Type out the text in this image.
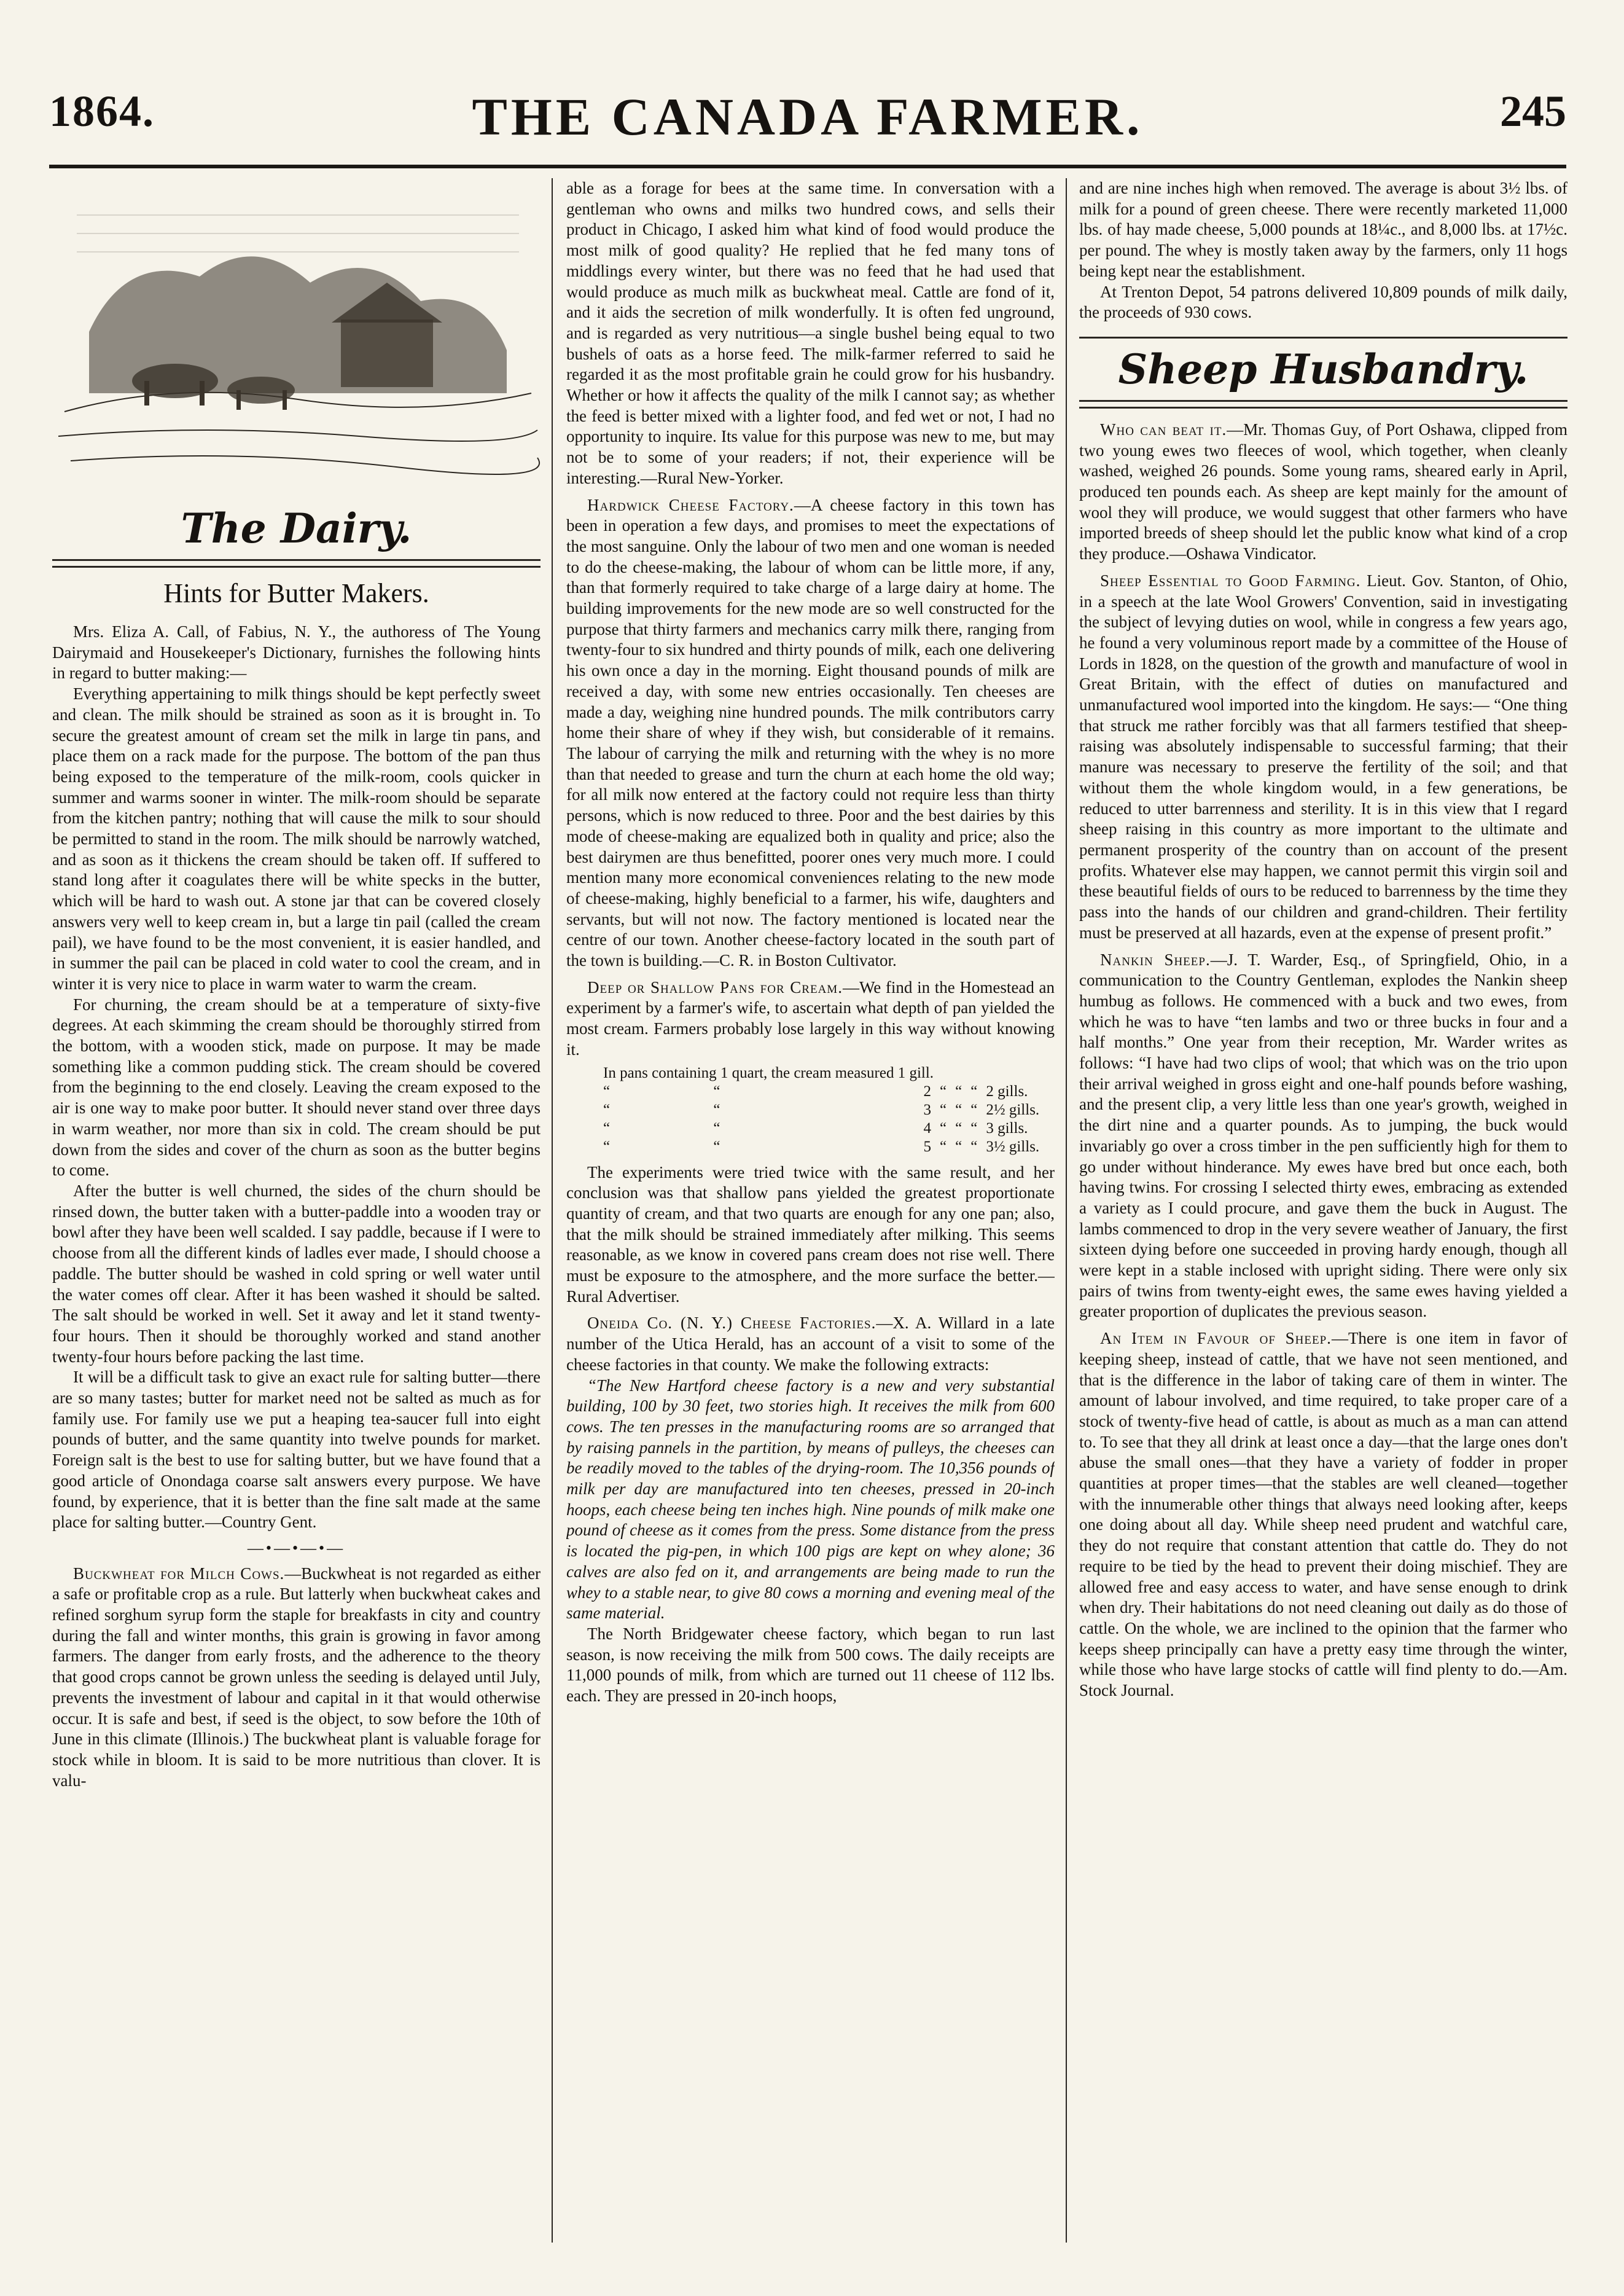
1864.	THE CANADA FARMER.	245
The Dairy.
Hints for Butter Makers.

Mrs. Eliza A. Call, of Fabius, N. Y., the authoress of The Young Dairymaid and Housekeeper's Dictionary, furnishes the following hints in regard to butter making:—

Everything appertaining to milk things should be kept perfectly sweet and clean. The milk should be strained as soon as it is brought in. To secure the greatest amount of cream set the milk in large tin pans, and place them on a rack made for the purpose. The bottom of the pan thus being exposed to the temperature of the milk-room, cools quicker in summer and warms sooner in winter. The milk-room should be separate from the kitchen pantry; nothing that will cause the milk to sour should be permitted to stand in the room. The milk should be narrowly watched, and as soon as it thickens the cream should be taken off. If suffered to stand long after it coagulates there will be white specks in the butter, which will be hard to wash out. A stone jar that can be covered closely answers very well to keep cream in, but a large tin pail (called the cream pail), we have found to be the most convenient, it is easier handled, and in summer the pail can be placed in cold water to cool the cream, and in winter it is very nice to place in warm water to warm the cream.

For churning, the cream should be at a temperature of sixty-five degrees. At each skimming the cream should be thoroughly stirred from the bottom, with a wooden stick, made on purpose. It may be made something like a common pudding stick. The cream should be covered from the beginning to the end closely. Leaving the cream exposed to the air is one way to make poor butter. It should never stand over three days in warm weather, nor more than six in cold. The cream should be put down from the sides and cover of the churn as soon as the butter begins to come.

After the butter is well churned, the sides of the churn should be rinsed down, the butter taken with a butter-paddle into a wooden tray or bowl after they have been well scalded. I say paddle, because if I were to choose from all the different kinds of ladles ever made, I should choose a paddle. The butter should be washed in cold spring or well water until the water comes off clear. After it has been washed it should be salted. The salt should be worked in well. Set it away and let it stand twenty-four hours. Then it should be thoroughly worked and stand another twenty-four hours before packing the last time.

It will be a difficult task to give an exact rule for salting butter—there are so many tastes; butter for market need not be salted as much as for family use. For family use we put a heaping tea-saucer full into eight pounds of butter, and the same quantity into twelve pounds for market. Foreign salt is the best to use for salting butter, but we have found that a good article of Onondaga coarse salt answers every purpose. We have found, by experience, that it is better than the fine salt made at the same place for salting butter.—Country Gent.

—•—•—•—

Buckwheat for Milch Cows.—Buckwheat is not regarded as either a safe or profitable crop as a rule. But latterly when buckwheat cakes and refined sorghum syrup form the staple for breakfasts in city and country during the fall and winter months, this grain is growing in favor among farmers. The danger from early frosts, and the adherence to the theory that good crops cannot be grown unless the seeding is delayed until July, prevents the investment of labour and capital in it that would otherwise occur. It is safe and best, if seed is the object, to sow before the 10th of June in this climate (Illinois.) The buckwheat plant is valuable forage for stock while in bloom. It is said to be more nutritious than clover. It is valu-

able as a forage for bees at the same time. In conversation with a gentleman who owns and milks two hundred cows, and sells their product in Chicago, I asked him what kind of food would produce the most milk of good quality? He replied that he fed many tons of middlings every winter, but there was no feed that he had used that would produce as much milk as buckwheat meal. Cattle are fond of it, and it aids the secretion of milk wonderfully. It is often fed unground, and is regarded as very nutritious—a single bushel being equal to two bushels of oats as a horse feed. The milk-farmer referred to said he regarded it as the most profitable grain he could grow for his husbandry. Whether or how it affects the quality of the milk I cannot say; as whether the feed is better mixed with a lighter food, and fed wet or not, I had no opportunity to inquire. Its value for this purpose was new to me, but may not be to some of your readers; if not, their experience will be interesting.—Rural New-Yorker.

Hardwick Cheese Factory.—A cheese factory in this town has been in operation a few days, and promises to meet the expectations of the most sanguine. Only the labour of two men and one woman is needed to do the cheese-making, the labour of whom can be little more, if any, than that formerly required to take charge of a large dairy at home. The building improvements for the new mode are so well constructed for the purpose that thirty farmers and mechanics carry milk there, ranging from twenty-four to six hundred and thirty pounds of milk, each one delivering his own once a day in the morning. Eight thousand pounds of milk are received a day, with some new entries occasionally. Ten cheeses are made a day, weighing nine hundred pounds. The milk contributors carry home their share of whey if they wish, but considerable of it remains. The labour of carrying the milk and returning with the whey is no more than that needed to grease and turn the churn at each home the old way; for all milk now entered at the factory could not require less than thirty persons, which is now reduced to three. Poor and the best dairies by this mode of cheese-making are equalized both in quality and price; also the best dairymen are thus benefitted, poorer ones very much more. I could mention many more economical conveniences relating to the new mode of cheese-making, highly beneficial to a farmer, his wife, daughters and servants, but will not now. The factory mentioned is located near the centre of our town. Another cheese-factory located in the south part of the town is building.—C. R. in Boston Cultivator.

Deep or Shallow Pans for Cream.—We find in the Homestead an experiment by a farmer's wife, to ascertain what depth of pan yielded the most cream. Farmers probably lose largely in this way without knowing it.

In pans containing 1 quart, the cream measured 1 gill.						
“	“	2	“	“	“	2 gills.
“	“	3	“	“	“	2½ gills.
“	“	4	“	“	“	3 gills.
“	“	5	“	“	“	3½ gills.

The experiments were tried twice with the same result, and her conclusion was that shallow pans yielded the greatest proportionate quantity of cream, and that two quarts are enough for any one pan; also, that the milk should be strained immediately after milking. This seems reasonable, as we know in covered pans cream does not rise well. There must be exposure to the atmosphere, and the more surface the better.—Rural Advertiser.

Oneida Co. (N. Y.) Cheese Factories.—X. A. Willard in a late number of the Utica Herald, has an account of a visit to some of the cheese factories in that county. We make the following extracts:

“The New Hartford cheese factory is a new and very substantial building, 100 by 30 feet, two stories high. It receives the milk from 600 cows. The ten presses in the manufacturing rooms are so arranged that by raising pannels in the partition, by means of pulleys, the cheeses can be readily moved to the tables of the drying-room. The 10,356 pounds of milk per day are manufactured into ten cheeses, pressed in 20-inch hoops, each cheese being ten inches high. Nine pounds of milk make one pound of cheese as it comes from the press. Some distance from the press is located the pig-pen, in which 100 pigs are kept on whey alone; 36 calves are also fed on it, and arrangements are being made to run the whey to a stable near, to give 80 cows a morning and evening meal of the same material.

The North Bridgewater cheese factory, which began to run last season, is now receiving the milk from 500 cows. The daily receipts are 11,000 pounds of milk, from which are turned out 11 cheese of 112 lbs. each. They are pressed in 20-inch hoops,

and are nine inches high when removed. The average is about 3½ lbs. of milk for a pound of green cheese. There were recently marketed 11,000 lbs. of hay made cheese, 5,000 pounds at 18¼c., and 8,000 lbs. at 17½c. per pound. The whey is mostly taken away by the farmers, only 11 hogs being kept near the establishment.

At Trenton Depot, 54 patrons delivered 10,809 pounds of milk daily, the proceeds of 930 cows.

Sheep Husbandry.

Who can beat it.—Mr. Thomas Guy, of Port Oshawa, clipped from two young ewes two fleeces of wool, which together, when cleanly washed, weighed 26 pounds. Some young rams, sheared early in April, produced ten pounds each. As sheep are kept mainly for the amount of wool they will produce, we would suggest that other farmers who have imported breeds of sheep should let the public know what kind of a crop they produce.—Oshawa Vindicator.

Sheep Essential to Good Farming. Lieut. Gov. Stanton, of Ohio, in a speech at the late Wool Growers' Convention, said in investigating the subject of levying duties on wool, while in congress a few years ago, he found a very voluminous report made by a committee of the House of Lords in 1828, on the question of the growth and manufacture of wool in Great Britain, with the effect of duties on manufactured and unmanufactured wool imported into the kingdom. He says:— “One thing that struck me rather forcibly was that all farmers testified that sheep-raising was absolutely indispensable to successful farming; that their manure was necessary to preserve the fertility of the soil; and that without them the whole kingdom would, in a few generations, be reduced to utter barrenness and sterility. It is in this view that I regard sheep raising in this country as more important to the ultimate and permanent prosperity of the country than on account of the present profits. Whatever else may happen, we cannot permit this virgin soil and these beautiful fields of ours to be reduced to barrenness by the time they pass into the hands of our children and grand-children. Their fertility must be preserved at all hazards, even at the expense of present profit.”

Nankin Sheep.—J. T. Warder, Esq., of Springfield, Ohio, in a communication to the Country Gentleman, explodes the Nankin sheep humbug as follows. He commenced with a buck and two ewes, from which he was to have “ten lambs and two or three bucks in four and a half months.” One year from their reception, Mr. Warder writes as follows: “I have had two clips of wool; that which was on the trio upon their arrival weighed in gross eight and one-half pounds before washing, and the present clip, a very little less than one year's growth, weighed in the dirt nine and a quarter pounds. As to jumping, the buck would invariably go over a cross timber in the pen sufficiently high for them to go under without hinderance. My ewes have bred but once each, both having twins. For crossing I selected thirty ewes, embracing as extended a variety as I could procure, and gave them the buck in August. The lambs commenced to drop in the very severe weather of January, the first sixteen dying before one succeeded in proving hardy enough, though all were kept in a stable inclosed with upright siding. There were only six pairs of twins from twenty-eight ewes, the same ewes having yielded a greater proportion of duplicates the previous season.

An Item in Favour of Sheep.—There is one item in favor of keeping sheep, instead of cattle, that we have not seen mentioned, and that is the difference in the labor of taking care of them in winter. The amount of labour involved, and time required, to take proper care of a stock of twenty-five head of cattle, is about as much as a man can attend to. To see that they all drink at least once a day—that the large ones don't abuse the small ones—that they have a variety of fodder in proper quantities at proper times—that the stables are well cleaned—together with the innumerable other things that always need looking after, keeps one doing about all day. While sheep need prudent and watchful care, they do not require that constant attention that cattle do. They do not require to be tied by the head to prevent their doing mischief. They are allowed free and easy access to water, and have sense enough to drink when dry. Their habitations do not need cleaning out daily as do those of cattle. On the whole, we are inclined to the opinion that the farmer who keeps sheep principally can have a pretty easy time through the winter, while those who have large stocks of cattle will find plenty to do.—Am. Stock Journal.
